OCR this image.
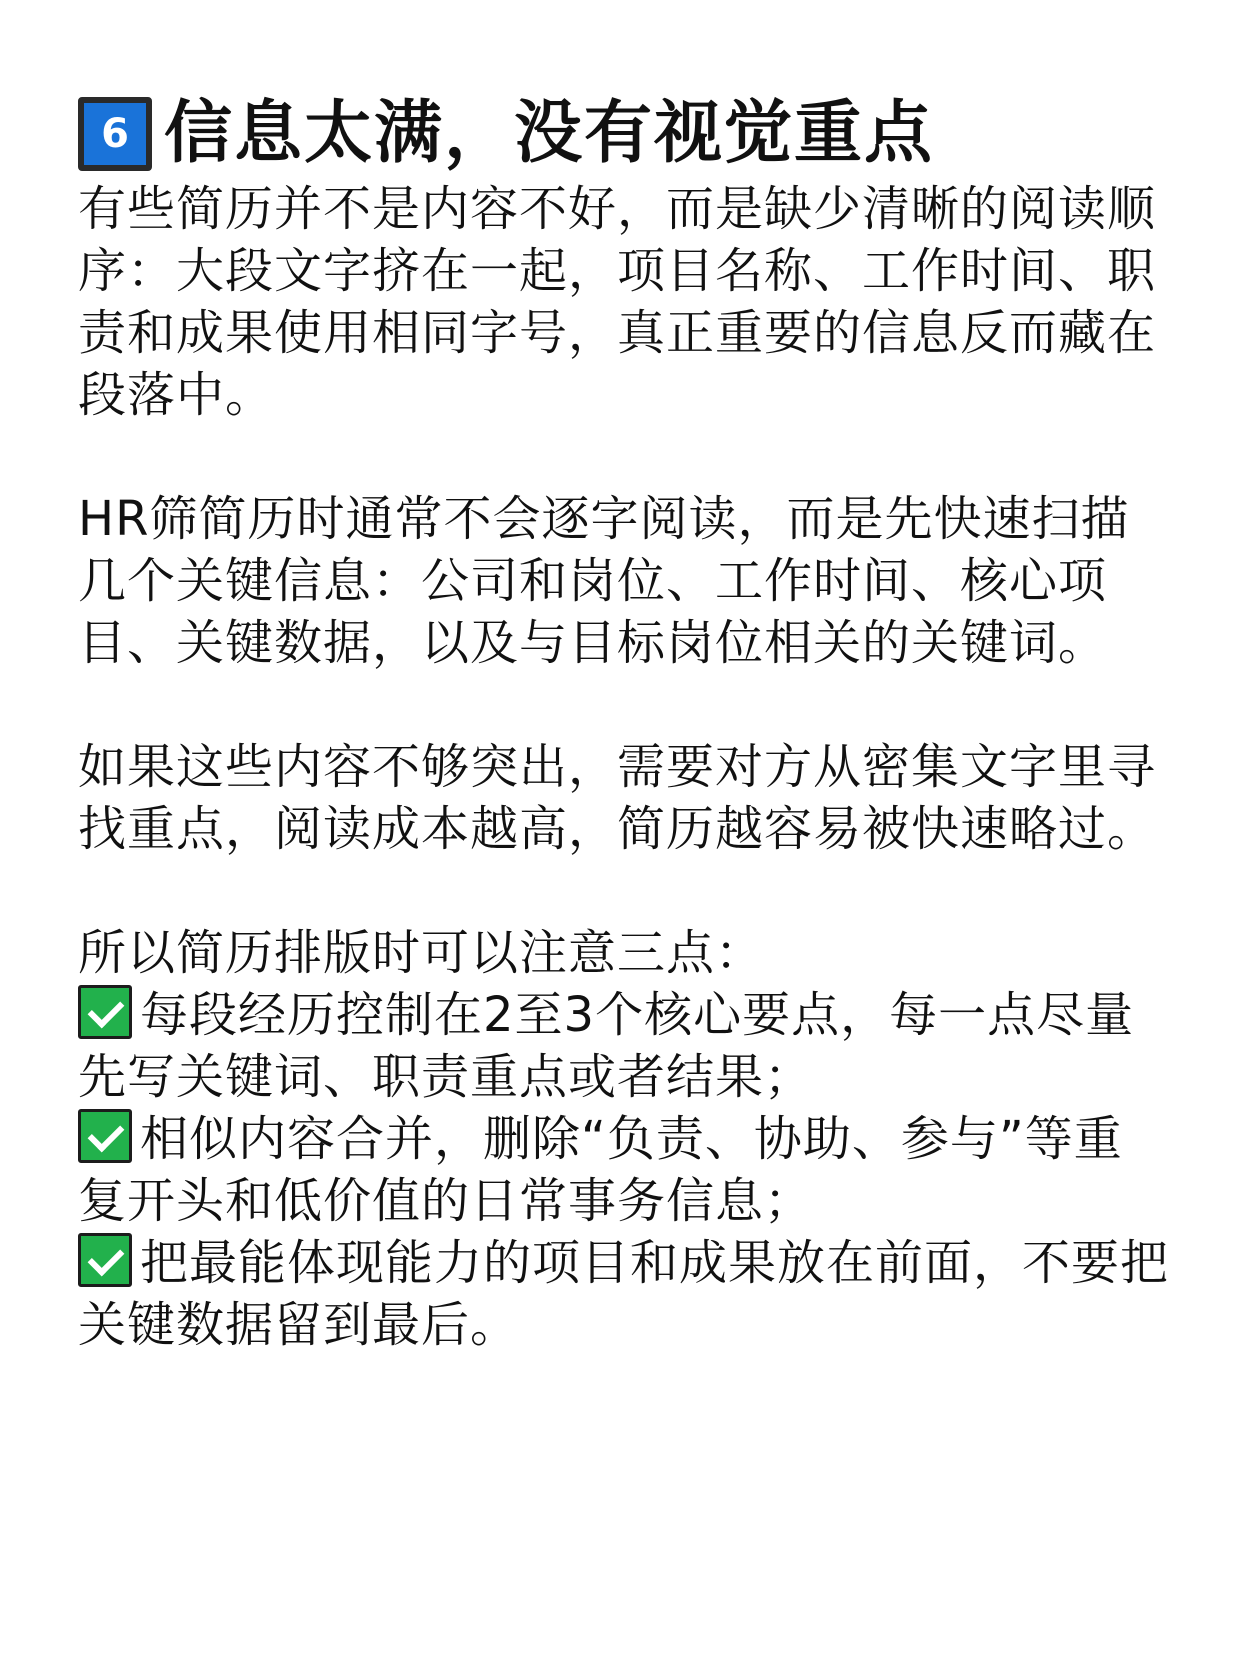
6 信息太满，没有视觉重点

有些简历并不是内容不好，而是缺少清晰的阅读顺序：大段文字挤在一起，项目名称、工作时间、职责和成果使用相同字号，真正重要的信息反而藏在段落中。

HR筛简历时通常不会逐字阅读，而是先快速扫描几个关键信息：公司和岗位、工作时间、核心项目、关键数据，以及与目标岗位相关的关键词。

如果这些内容不够突出，需要对方从密集文字里寻找重点，阅读成本越高，简历越容易被快速略过。

所以简历排版时可以注意三点：
每段经历控制在2至3个核心要点，每一点尽量先写关键词、职责重点或者结果；
相似内容合并，删除“负责、协助、参与”等重复开头和低价值的日常事务信息；
把最能体现能力的项目和成果放在前面，不要把关键数据留到最后。
